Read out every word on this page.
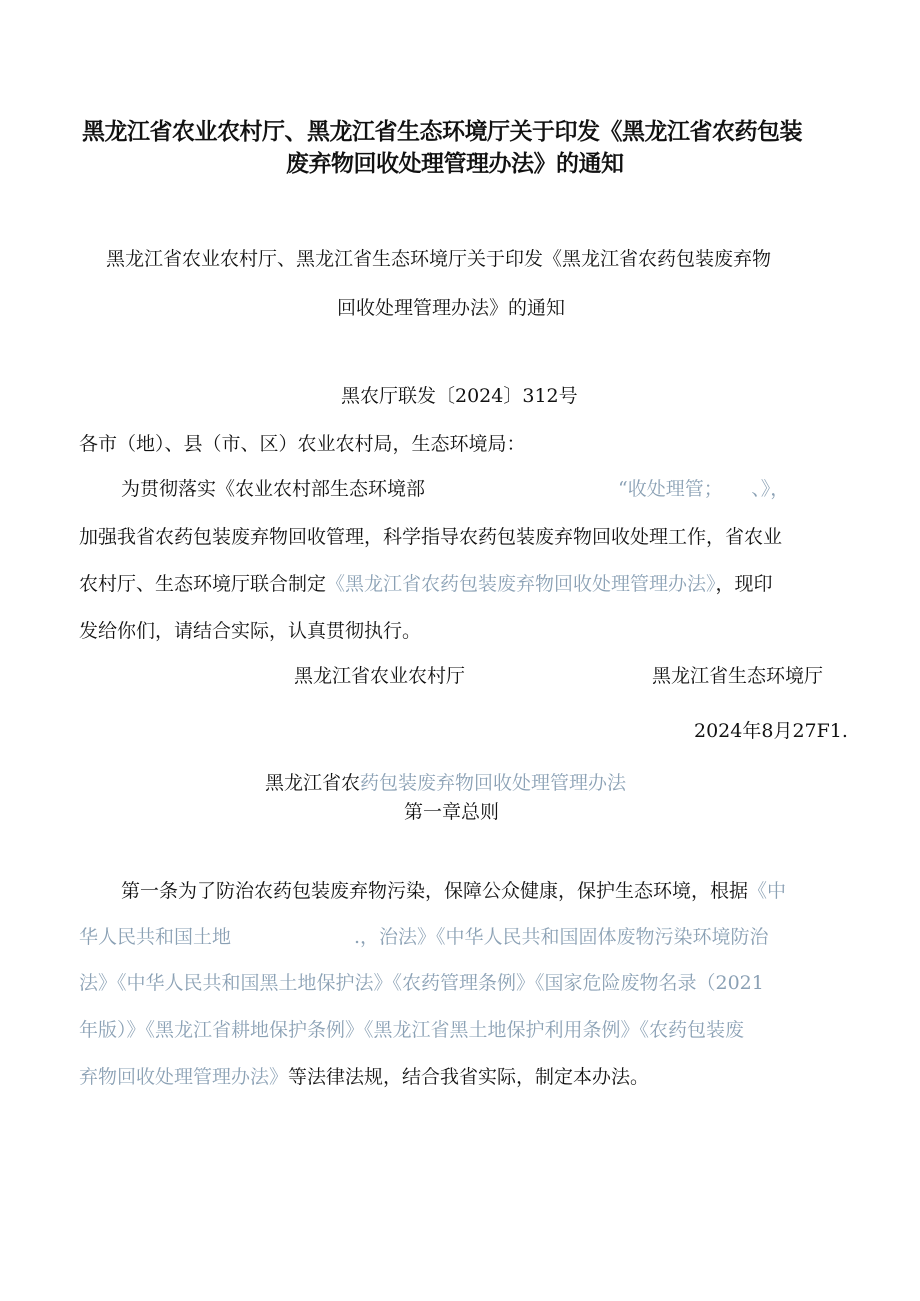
黑龙江省农业农村厅、黑龙江省生态环境厅关于印发《黑龙江省农药包装
废弃物回收处理管理办法》的通知
黑龙江省农业农村厅、黑龙江省生态环境厅关于印发《黑龙江省农药包装废弃物
回收处理管理办法》的通知
黑农厅联发〔2024〕312号
各市（地）、县（市、区）农业农村局，生态环境局：
为贯彻落实《农业农村部生态环境部	“收处理管；　　、》，
加强我省农药包装废弃物回收管理，科学指导农药包装废弃物回收处理工作，省农业
农村厅、生态环境厅联合制定《黑龙江省农药包装废弃物回收处理管理办法》，现印
发给你们，请结合实际，认真贯彻执行。
黑龙江省农业农村厅	黑龙江省生态环境厅
2024年8月27F1.
黑龙江省农药包装废弃物回收处理管理办法
第一章总则
第一条为了防治农药包装废弃物污染，保障公众健康，保护生态环境，根据《中
华人民共和国土地	.，治法》《中华人民共和国固体废物污染环境防治
法》《中华人民共和国黑土地保护法》《农药管理条例》《国家危险废物名录（2021
年版）》《黑龙江省耕地保护条例》《黑龙江省黑土地保护利用条例》《农药包装废
弃物回收处理管理办法》等法律法规，结合我省实际，制定本办法。
